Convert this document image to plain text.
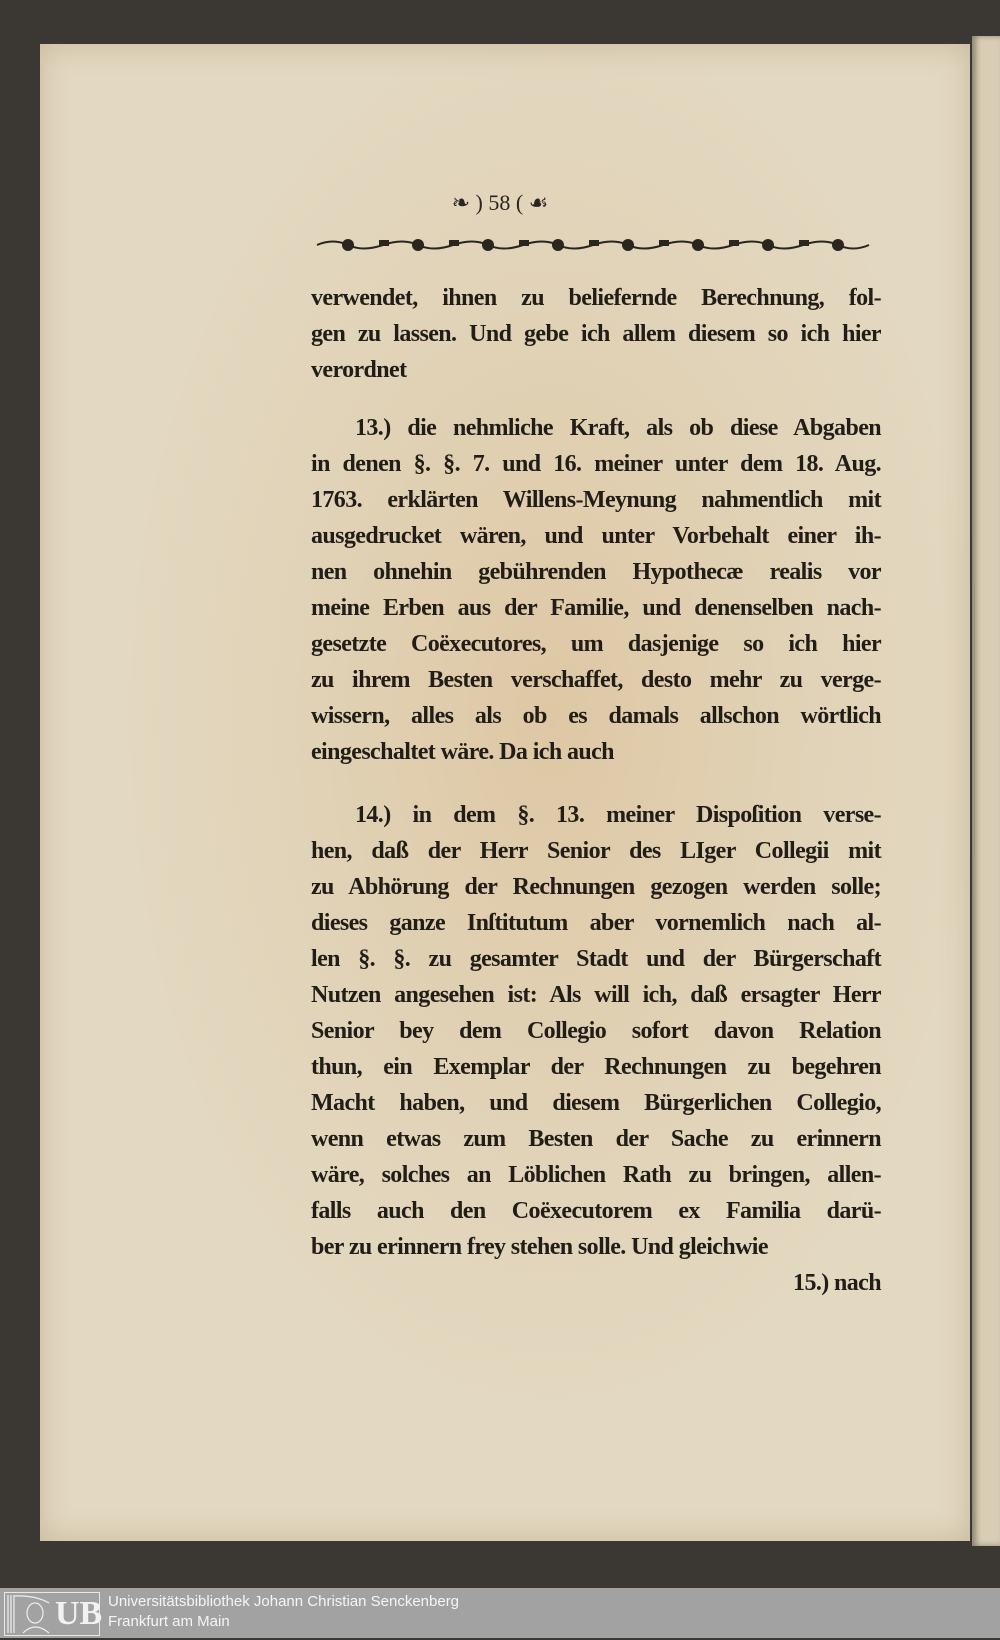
❧ ) 58 ( ☙
verwendet, ihnen zu beliefernde Berechnung, fol-
gen zu lassen. Und gebe ich allem diesem so ich hier
verordnet
13.) die nehmliche Kraft, als ob diese Abgaben
in denen §. §. 7. und 16. meiner unter dem 18. Aug.
1763. erklärten Willens-Meynung nahmentlich mit
ausgedrucket wären, und unter Vorbehalt einer ih-
nen ohnehin gebührenden Hypothecæ realis vor
meine Erben aus der Familie, und denenselben nach-
gesetzte Coëxecutores, um dasjenige so ich hier
zu ihrem Besten verschaffet, desto mehr zu verge-
wissern, alles als ob es damals allschon wörtlich
eingeschaltet wäre. Da ich auch
14.) in dem §. 13. meiner Dispoſition verse-
hen, daß der Herr Senior des LIger Collegii mit
zu Abhörung der Rechnungen gezogen werden solle;
dieses ganze Inſtitutum aber vornemlich nach al-
len §. §. zu gesamter Stadt und der Bürgerschaft
Nutzen angesehen ist: Als will ich, daß ersagter Herr
Senior bey dem Collegio sofort davon Relation
thun, ein Exemplar der Rechnungen zu begehren
Macht haben, und diesem Bürgerlichen Collegio,
wenn etwas zum Besten der Sache zu erinnern
wäre, solches an Löblichen Rath zu bringen, allen-
falls auch den Coëxecutorem ex Familia darü-
ber zu erinnern frey stehen solle. Und gleichwie
15.) nach
UB Universitätsbibliothek Johann Christian Senckenberg
Frankfurt am Main
